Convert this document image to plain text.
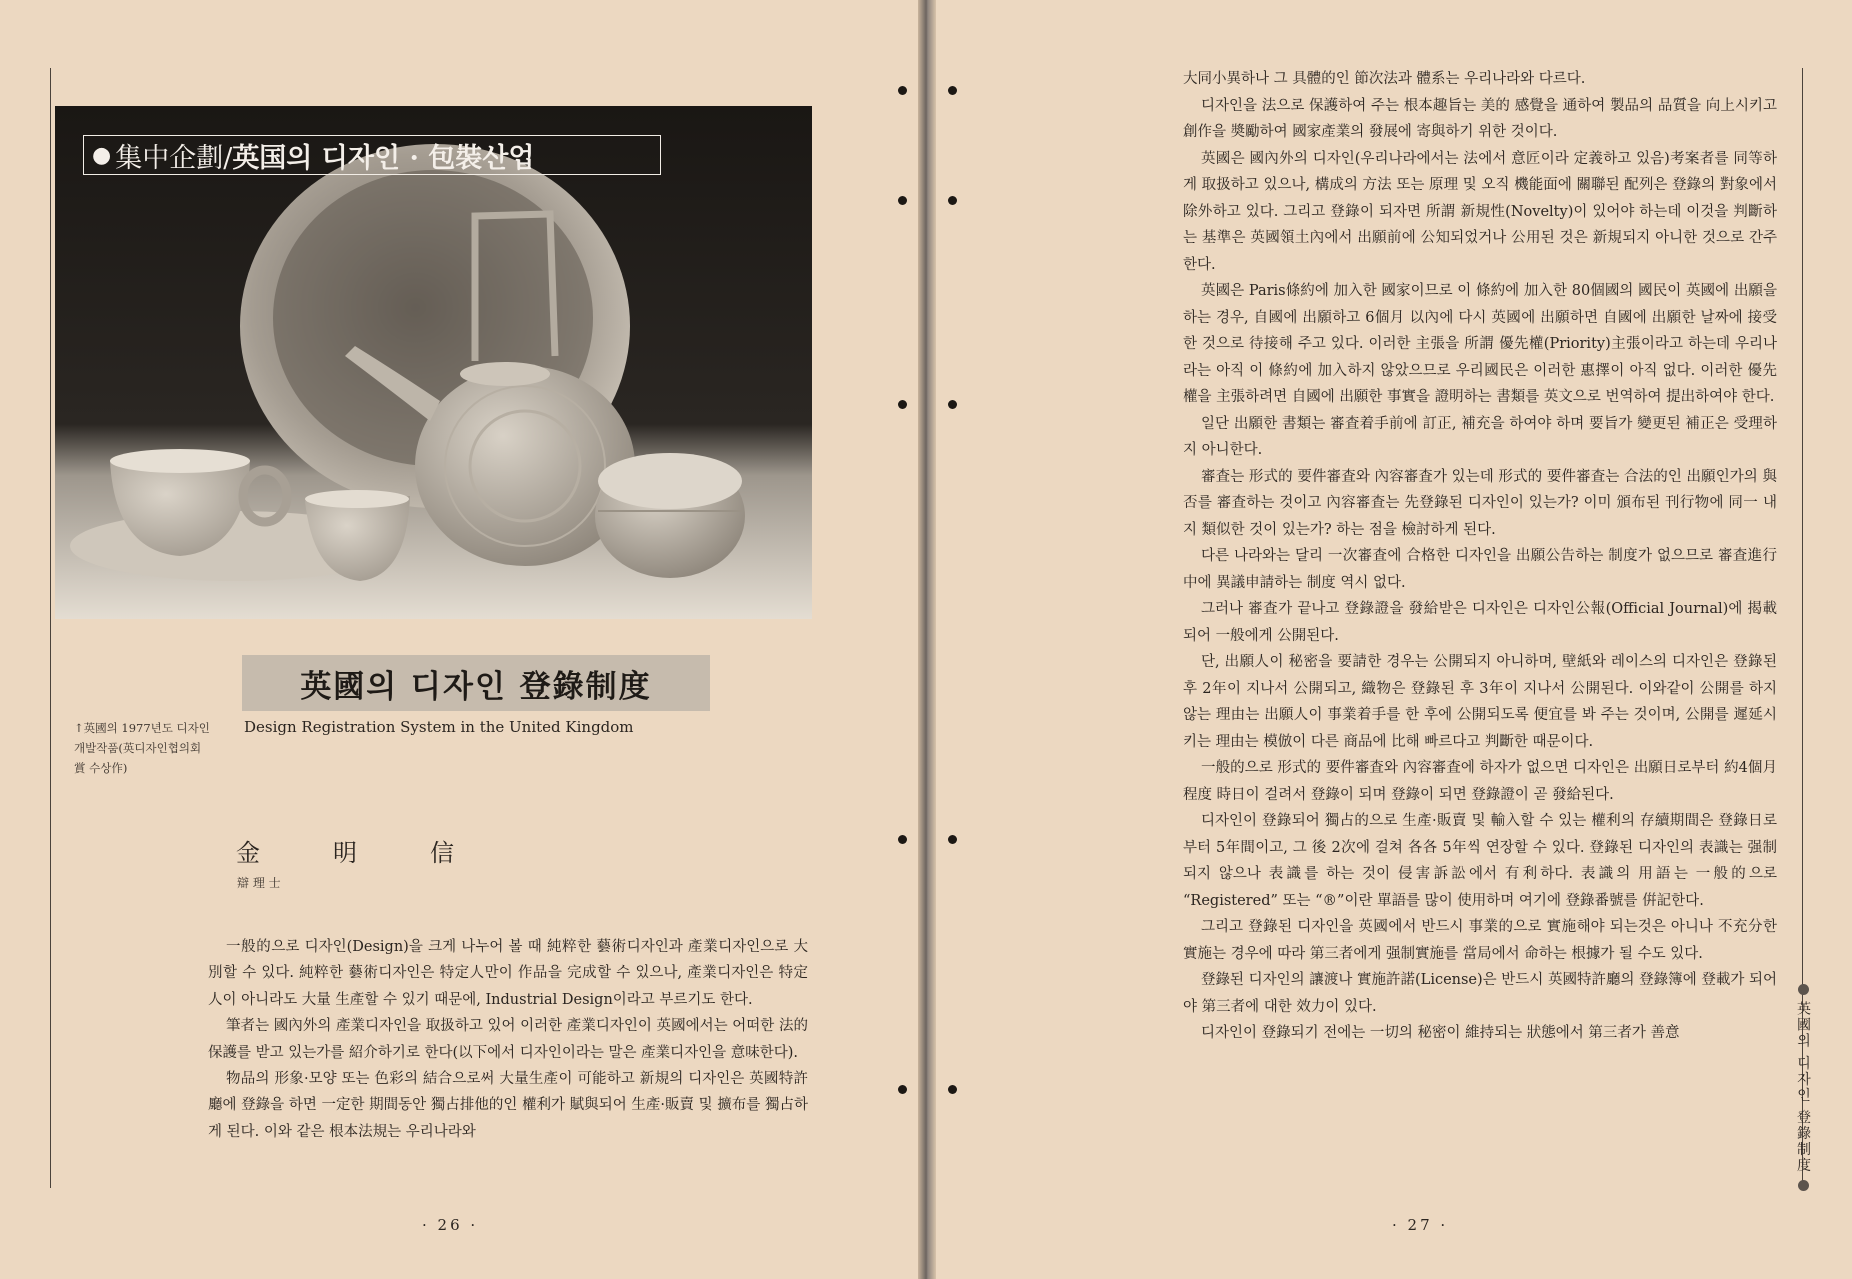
● 集中企劃/ 英国의 디자인 · 包裝산업
↑英國의 1977년도 디자인 개발작품(英디자인협의회賞 수상作)
英國의 디자인 登錄制度
Design Registration System in the United Kingdom
金	明	信
辯 理 士

一般的으로 디자인(Design)을 크게 나누어 볼 때 純粹한 藝術디자인과 產業디자인으로 大別할 수 있다. 純粹한 藝術디자인은 特定人만이 作品을 完成할 수 있으나, 產業디자인은 特定人이 아니라도 大量 生產할 수 있기 때문에, Industrial Design이라고 부르기도 한다.

筆者는 國內外의 產業디자인을 取扱하고 있어 이러한 產業디자인이 英國에서는 어떠한 法的 保護를 받고 있는가를 紹介하기로 한다(以下에서 디자인이라는 말은 產業디자인을 意味한다).

物品의 形象·모양 또는 色彩의 結合으로써 大量生產이 可能하고 新規의 디자인은 英國特許廳에 登錄을 하면 一定한 期間동안 獨占排他的인 權利가 賦與되어 生產·販賣 및 擴布를 獨占하게 된다. 이와 같은 根本法規는 우리나라와

· 26 ·

大同小異하나 그 具體的인 節次法과 體系는 우리나라와 다르다.

디자인을 法으로 保護하여 주는 根本趣旨는 美的 感覺을 通하여 製品의 品質을 向上시키고 創作을 奬勵하여 國家產業의 發展에 寄與하기 위한 것이다.

英國은 國內外의 디자인(우리나라에서는 法에서 意匠이라 定義하고 있음)考案者를 同等하게 取扱하고 있으나, 構成의 方法 또는 原理 및 오직 機能面에 關聯된 配列은 登錄의 對象에서 除外하고 있다. 그리고 登錄이 되자면 所謂 新規性(Novelty)이 있어야 하는데 이것을 判斷하는 基準은 英國領土內에서 出願前에 公知되었거나 公用된 것은 新規되지 아니한 것으로 간주한다.

英國은 Paris條約에 加入한 國家이므로 이 條約에 加入한 80個國의 國民이 英國에 出願을 하는 경우, 自國에 出願하고 6個月 以內에 다시 英國에 出願하면 自國에 出願한 날짜에 接受한 것으로 待接해 주고 있다. 이러한 主張을 所謂 優先權(Priority)主張이라고 하는데 우리나라는 아직 이 條約에 加入하지 않았으므로 우리國民은 이러한 惠擇이 아직 없다. 이러한 優先權을 主張하려면 自國에 出願한 事實을 證明하는 書類를 英文으로 번역하여 提出하여야 한다.

일단 出願한 書類는 審査着手前에 訂正, 補充을 하여야 하며 要旨가 變更된 補正은 受理하지 아니한다.

審査는 形式的 要件審査와 內容審査가 있는데 形式的 要件審査는 合法的인 出願인가의 與否를 審査하는 것이고 內容審査는 先登錄된 디자인이 있는가? 이미 頒布된 刊行物에 同一 내지 類似한 것이 있는가? 하는 점을 檢討하게 된다.

다른 나라와는 달리 一次審査에 合格한 디자인을 出願公告하는 制度가 없으므로 審査進行中에 異議申請하는 制度 역시 없다.

그러나 審査가 끝나고 登錄證을 發給받은 디자인은 디자인公報(Official Journal)에 揭載되어 一般에게 公開된다.

단, 出願人이 秘密을 要請한 경우는 公開되지 아니하며, 壁紙와 레이스의 디자인은 登錄된 후 2年이 지나서 公開되고, 織物은 登錄된 후 3年이 지나서 公開된다. 이와같이 公開를 하지 않는 理由는 出願人이 事業着手를 한 후에 公開되도록 便宜를 봐 주는 것이며, 公開를 遲延시키는 理由는 模倣이 다른 商品에 比해 빠르다고 判斷한 때문이다.

一般的으로 形式的 要件審査와 內容審査에 하자가 없으면 디자인은 出願日로부터 約4個月程度 時日이 걸려서 登錄이 되며 登錄이 되면 登錄證이 곧 發給된다.

디자인이 登錄되어 獨占的으로 生產·販賣 및 輸入할 수 있는 權利의 存續期間은 登錄日로부터 5年間이고, 그 後 2次에 걸쳐 各各 5年씩 연장할 수 있다. 登錄된 디자인의 表識는 强制되지 않으나 表識를 하는 것이 侵害訴訟에서 有利하다. 表識의 用語는 一般的으로 “Registered” 또는 “®”이란 單語를 많이 使用하며 여기에 登錄番號를 倂記한다.

그리고 登錄된 디자인을 英國에서 반드시 事業的으로 實施해야 되는것은 아니나 不充分한 實施는 경우에 따라 第三者에게 强制實施를 當局에서 命하는 根據가 될 수도 있다.

登錄된 디자인의 讓渡나 實施許諾(License)은 반드시 英國特許廳의 登錄簿에 登載가 되어야 第三者에 대한 效力이 있다.

디자인이 登錄되기 전에는 一切의 秘密이 維持되는 狀態에서 第三者가 善意	英國의 디자인 登錄制度
· 27 ·
